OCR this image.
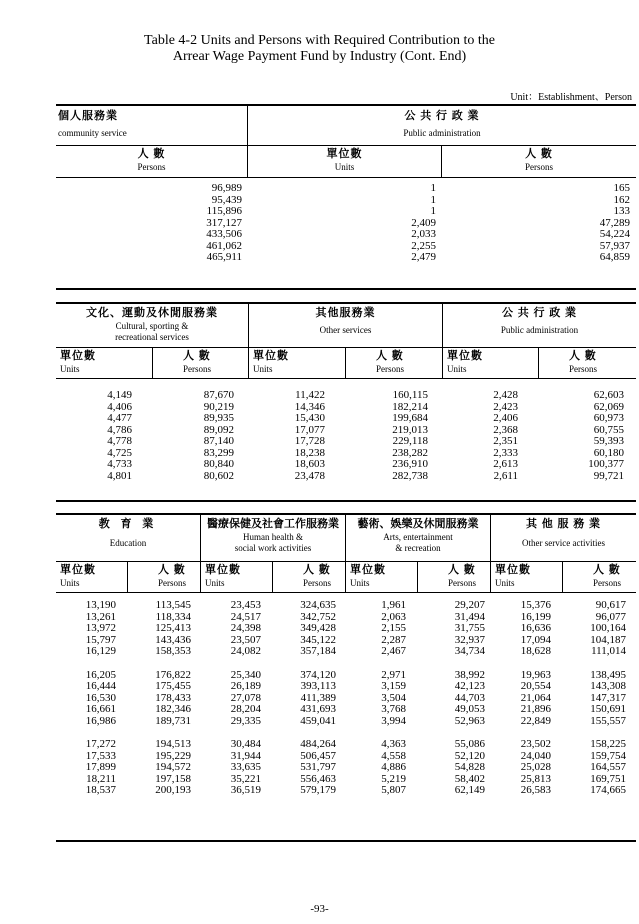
Table 4-2 Units and Persons with Required Contribution to the
Arrear Wage Payment Fund by Industry (Cont. End)
Unit：Establishment、Person
個人服務業
community service
公 共 行 政 業
Public administration
人 數
Persons
單位數
Units
人 數
Persons
96,989	1	165
95,439	1	162
115,896	1	133
317,127	2,409	47,289
433,506	2,033	54,224
461,062	2,255	57,937
465,911	2,479	64,859
文化、運動及休閒服務業
Cultural, sporting &
recreational services
其他服務業
Other services
公 共 行 政 業
Public administration
單位數
Units
人 數
Persons
單位數
Units
人 數
Persons
單位數
Units
人 數
Persons
4,149	87,670	11,422	160,115	2,428	62,603
4,406	90,219	14,346	182,214	2,423	62,069
4,477	89,935	15,430	199,684	2,406	60,973
4,786	89,092	17,077	219,013	2,368	60,755
4,778	87,140	17,728	229,118	2,351	59,393
4,725	83,299	18,238	238,282	2,333	60,180
4,733	80,840	18,603	236,910	2,613	100,377
4,801	80,602	23,478	282,738	2,611	99,721
教 育 業
Education
醫療保健及社會工作服務業
Human health &
social work activities
藝術、娛樂及休閒服務業
Arts, entertainment
& recreation
其 他 服 務 業
Other service activities
單位數
Units
人 數
Persons
單位數
Units
人 數
Persons
單位數
Units
人 數
Persons
單位數
Units
人 數
Persons
13,190	113,545	23,453	324,635	1,961	29,207	15,376	90,617
13,261	118,334	24,517	342,752	2,063	31,494	16,199	96,077
13,972	125,413	24,398	349,428	2,155	31,755	16,636	100,164
15,797	143,436	23,507	345,122	2,287	32,937	17,094	104,187
16,129	158,353	24,082	357,184	2,467	34,734	18,628	111,014
16,205	176,822	25,340	374,120	2,971	38,992	19,963	138,495
16,444	175,455	26,189	393,113	3,159	42,123	20,554	143,308
16,530	178,433	27,078	411,389	3,504	44,703	21,064	147,317
16,661	182,346	28,204	431,693	3,768	49,053	21,896	150,691
16,986	189,731	29,335	459,041	3,994	52,963	22,849	155,557
17,272	194,513	30,484	484,264	4,363	55,086	23,502	158,225
17,533	195,229	31,944	506,457	4,558	52,120	24,040	159,754
17,899	194,572	33,635	531,797	4,886	54,828	25,028	164,557
18,211	197,158	35,221	556,463	5,219	58,402	25,813	169,751
18,537	200,193	36,519	579,179	5,807	62,149	26,583	174,665
-93-
